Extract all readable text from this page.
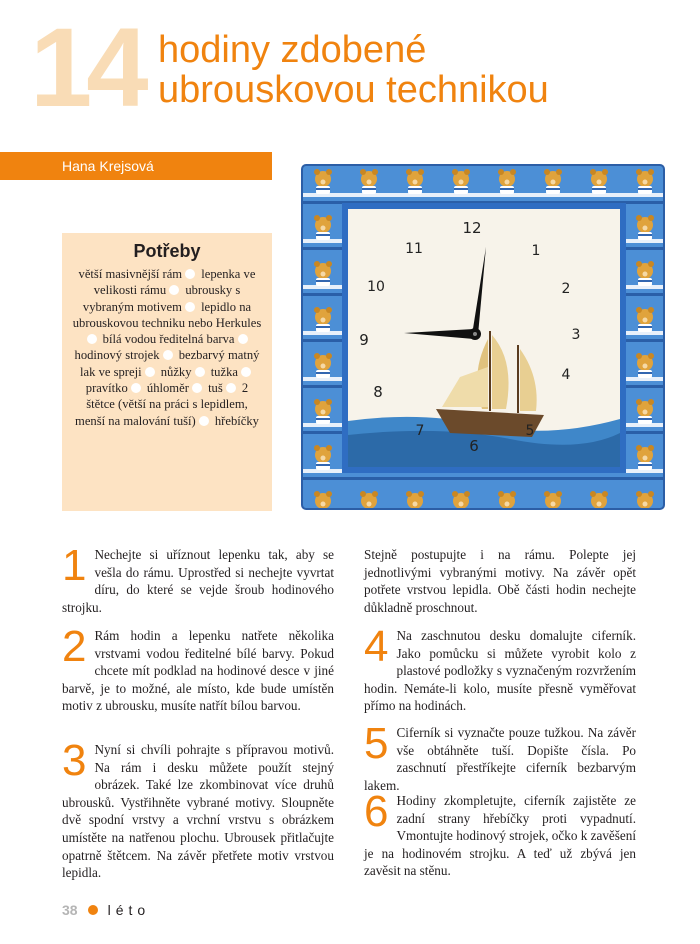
14 hodiny zdobené
ubrouskovou technikou
Hana Krejsová
Potřeby
větší masivnější rám lepenka ve velikosti rámu ubrousky s vybraným motivem lepidlo na ubrouskovou techniku nebo Herkules bílá vodou ředitelná barva hodinový strojek bezbarvý matný lak ve spreji nůžky tužka pravítko úhloměr tuš 2 štětce (větší na práci s lepidlem, menší na malování tuší) hřebíčky
12
1
2
3
4
5
6
7
8
9
10
11
1 Nechejte si uříznout lepenku tak, aby se vešla do rámu. Uprostřed si nechejte vyvrtat díru, do které se vejde šroub hodinového strojku.
2 Rám hodin a lepenku natřete několika vrstvami vodou ředitelné bílé barvy. Pokud chcete mít podklad na hodinové desce v jiné barvě, je to možné, ale místo, kde bude umístěn motiv z ubrousku, musíte natřít bílou barvou.
3 Nyní si chvíli pohrajte s přípravou motivů. Na rám i desku můžete použít stejný obrázek. Také lze zkombinovat více druhů ubrousků. Vystřihněte vybrané motivy. Sloupněte dvě spodní vrstvy a vrchní vrstvu s obrázkem umístěte na natřenou plochu. Ubrousek přitlačujte opatrně štětcem. Na závěr přetřete motiv vrstvou lepidla.
Stejně postupujte i na rámu. Polepte jej jednotlivými vybranými motivy. Na závěr opět potřete vrstvou lepidla. Obě části hodin nechejte důkladně proschnout.
4 Na zaschnutou desku domalujte ciferník. Jako pomůcku si můžete vyrobit kolo z plastové podložky s vyznačeným rozvržením hodin. Nemáte-li kolo, musíte přesně vyměřovat přímo na hodinách.
5 Ciferník si vyznačte pouze tužkou. Na závěr vše obtáhněte tuší. Dopište čísla. Po zaschnutí přestříkejte ciferník bezbarvým lakem.
6 Hodiny zkompletujte, ciferník zajistěte ze zadní strany hřebíčky proti vypadnutí. Vmontujte hodinový strojek, očko k zavěšení je na hodinovém strojku. A teď už zbývá jen zavěsit na stěnu.
38 léto
